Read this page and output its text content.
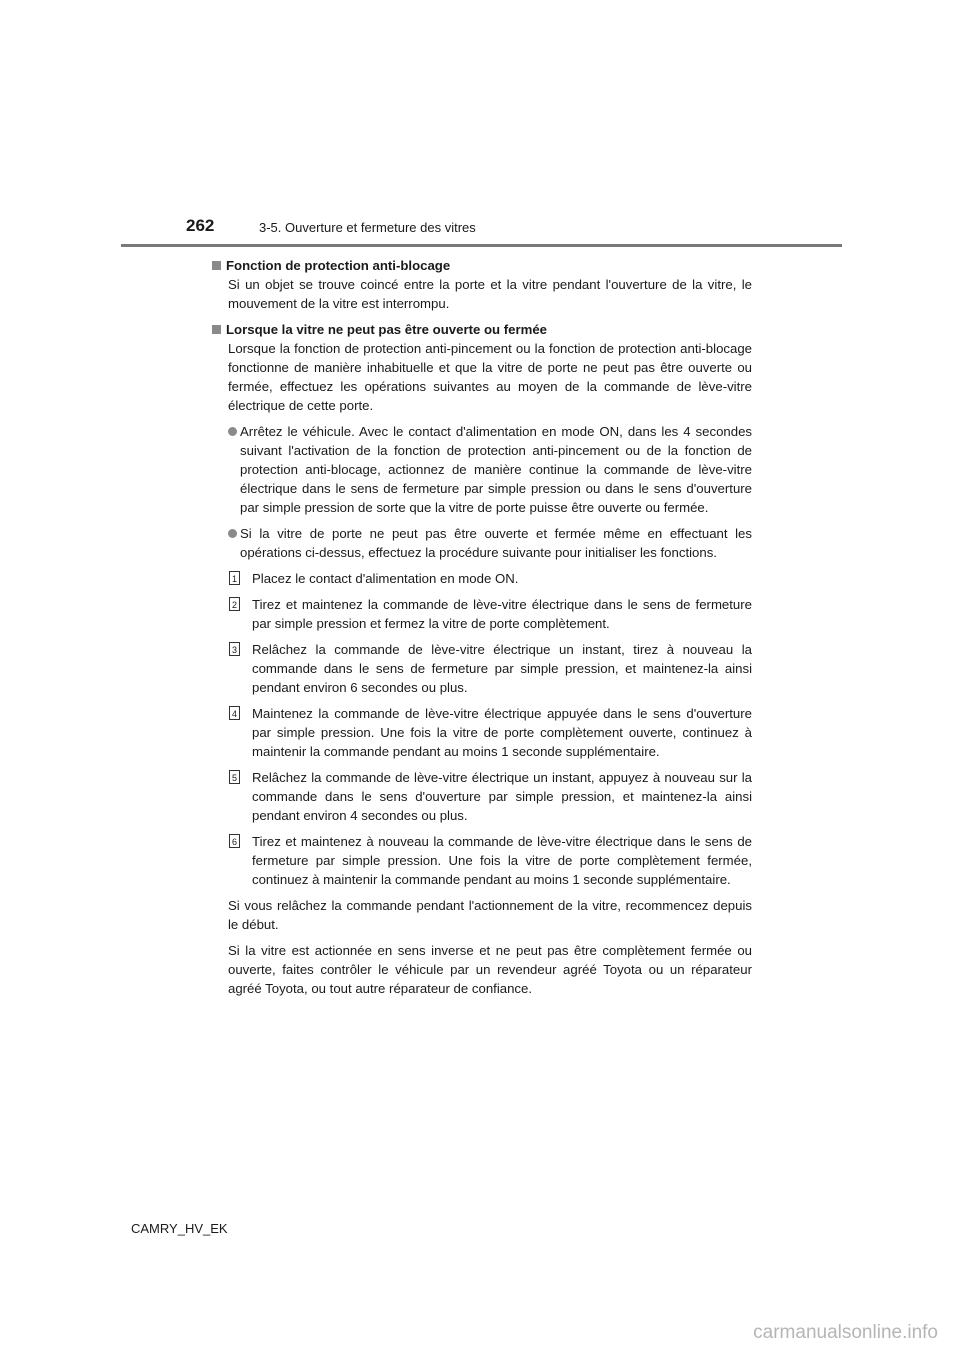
262	3-5. Ouverture et fermeture des vitres

Fonction de protection anti-blocage

Si un objet se trouve coincé entre la porte et la vitre pendant l'ouverture de la vitre, le mouvement de la vitre est interrompu.

Lorsque la vitre ne peut pas être ouverte ou fermée

Lorsque la fonction de protection anti-pincement ou la fonction de protection anti-blocage fonctionne de manière inhabituelle et que la vitre de porte ne peut pas être ouverte ou fermée, effectuez les opérations suivantes au moyen de la commande de lève-vitre électrique de cette porte.

Arrêtez le véhicule. Avec le contact d'alimentation en mode ON, dans les 4 secondes suivant l'activation de la fonction de protection anti-pincement ou de la fonction de protection anti-blocage, actionnez de manière continue la commande de lève-vitre électrique dans le sens de fermeture par simple pression ou dans le sens d'ouverture par simple pression de sorte que la vitre de porte puisse être ouverte ou fermée.

Si la vitre de porte ne peut pas être ouverte et fermée même en effectuant les opérations ci-dessus, effectuez la procédure suivante pour initialiser les fonctions.

1 Placez le contact d'alimentation en mode ON.

2 Tirez et maintenez la commande de lève-vitre électrique dans le sens de fermeture par simple pression et fermez la vitre de porte complètement.

3 Relâchez la commande de lève-vitre électrique un instant, tirez à nouveau la commande dans le sens de fermeture par simple pression, et maintenez-la ainsi pendant environ 6 secondes ou plus.

4 Maintenez la commande de lève-vitre électrique appuyée dans le sens d'ouverture par simple pression. Une fois la vitre de porte complètement ouverte, continuez à maintenir la commande pendant au moins 1 seconde supplémentaire.

5 Relâchez la commande de lève-vitre électrique un instant, appuyez à nouveau sur la commande dans le sens d'ouverture par simple pression, et maintenez-la ainsi pendant environ 4 secondes ou plus.

6 Tirez et maintenez à nouveau la commande de lève-vitre électrique dans le sens de fermeture par simple pression. Une fois la vitre de porte complètement fermée, continuez à maintenir la commande pendant au moins 1 seconde supplémentaire.

Si vous relâchez la commande pendant l'actionnement de la vitre, recommencez depuis le début.

Si la vitre est actionnée en sens inverse et ne peut pas être complètement fermée ou ouverte, faites contrôler le véhicule par un revendeur agréé Toyota ou un réparateur agréé Toyota, ou tout autre réparateur de confiance.

CAMRY_HV_EK
carmanualsonline.info
